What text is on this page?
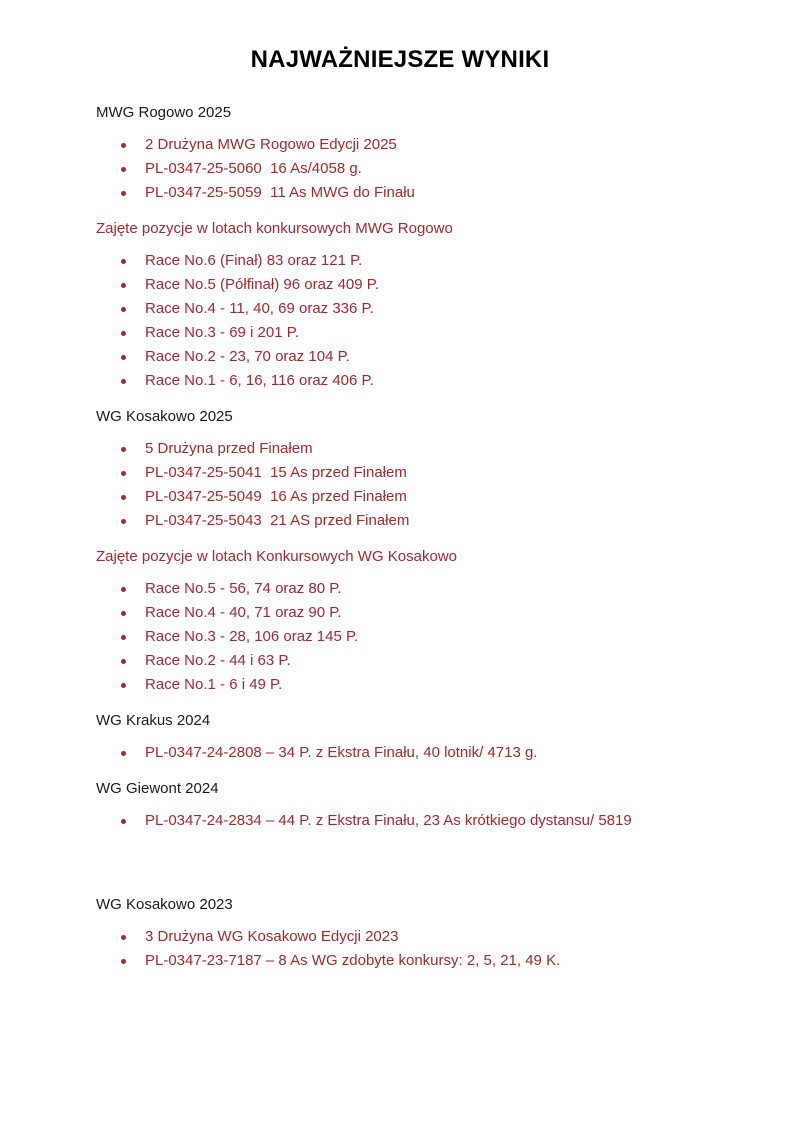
NAJWAŻNIEJSZE WYNIKI

MWG Rogowo 2025

2 Drużyna MWG Rogowo Edycji 2025
PL-0347-25-5060  16 As/4058 g.
PL-0347-25-5059  11 As MWG do Finału

Zajęte pozycje w lotach konkursowych MWG Rogowo

Race No.6 (Finał) 83 oraz 121 P.
Race No.5 (Półfinał) 96 oraz 409 P.
Race No.4 - 11, 40, 69 oraz 336 P.
Race No.3 - 69 i 201 P.
Race No.2 - 23, 70 oraz 104 P.
Race No.1 - 6, 16, 116 oraz 406 P.

WG Kosakowo 2025

5 Drużyna przed Finałem
PL-0347-25-5041  15 As przed Finałem
PL-0347-25-5049  16 As przed Finałem
PL-0347-25-5043  21 AS przed Finałem

Zajęte pozycje w lotach Konkursowych WG Kosakowo

Race No.5 - 56, 74 oraz 80 P.
Race No.4 - 40, 71 oraz 90 P.
Race No.3 - 28, 106 oraz 145 P.
Race No.2 - 44 i 63 P.
Race No.1 - 6 i 49 P.

WG Krakus 2024

PL-0347-24-2808 – 34 P. z Ekstra Finału, 40 lotnik/ 4713 g.

WG Giewont 2024

PL-0347-24-2834 – 44 P. z Ekstra Finału, 23 As krótkiego dystansu/ 5819

WG Kosakowo 2023

3 Drużyna WG Kosakowo Edycji 2023
PL-0347-23-7187 – 8 As WG zdobyte konkursy: 2, 5, 21, 49 K.
